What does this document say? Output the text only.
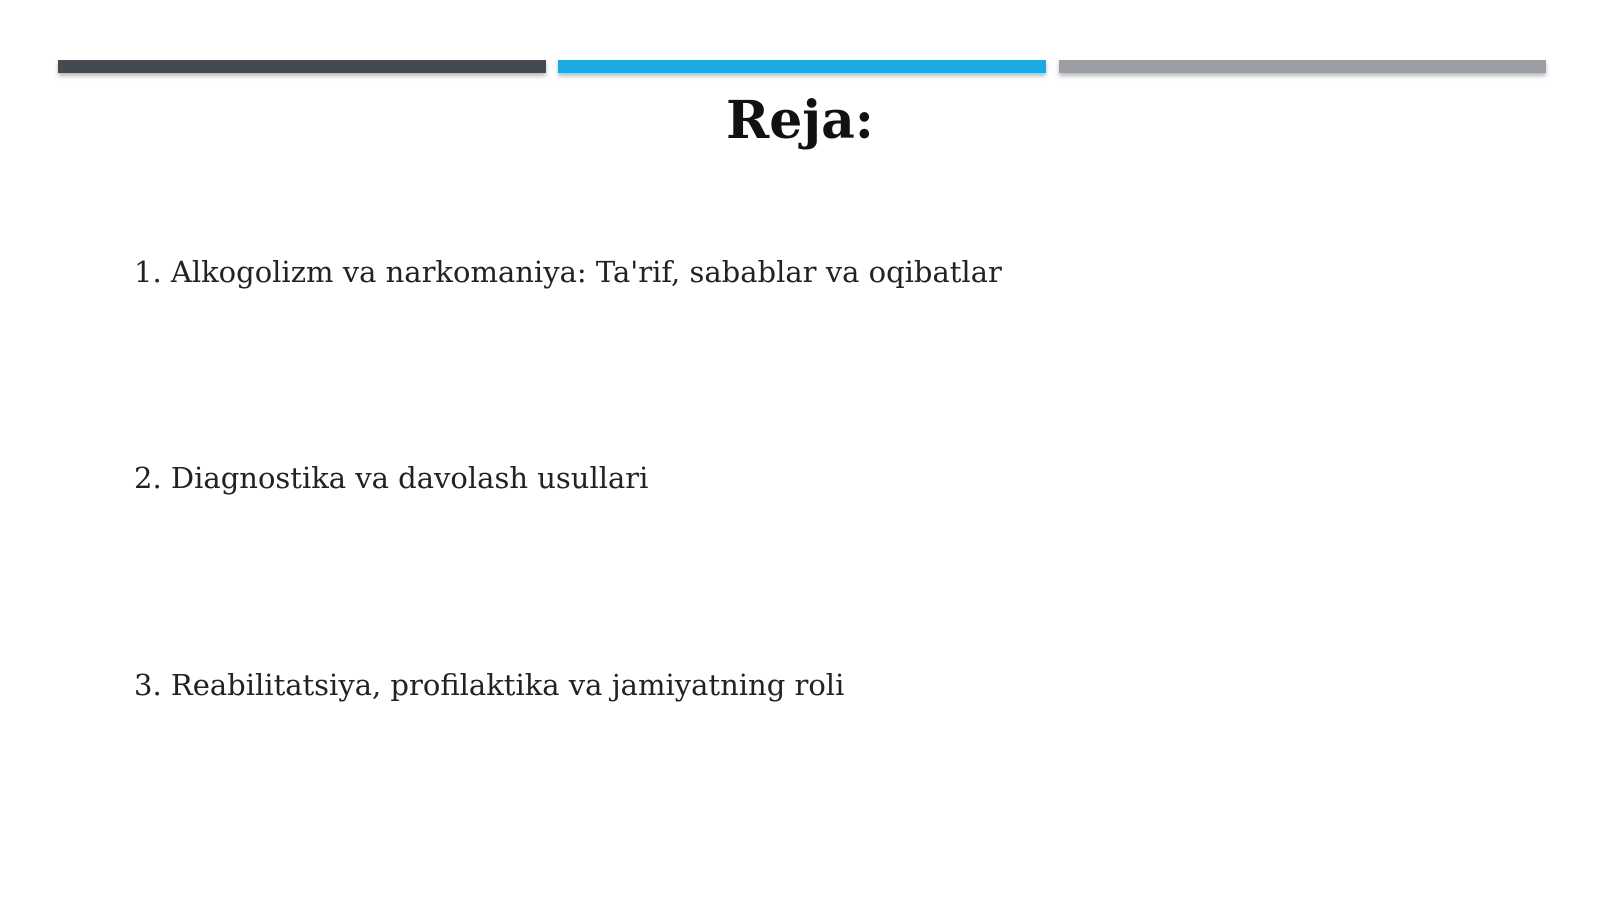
Reja:
1. Alkogolizm va narkomaniya: Ta'rif, sabablar va oqibatlar
2. Diagnostika va davolash usullari
3. Reabilitatsiya, profilaktika va jamiyatning roli
